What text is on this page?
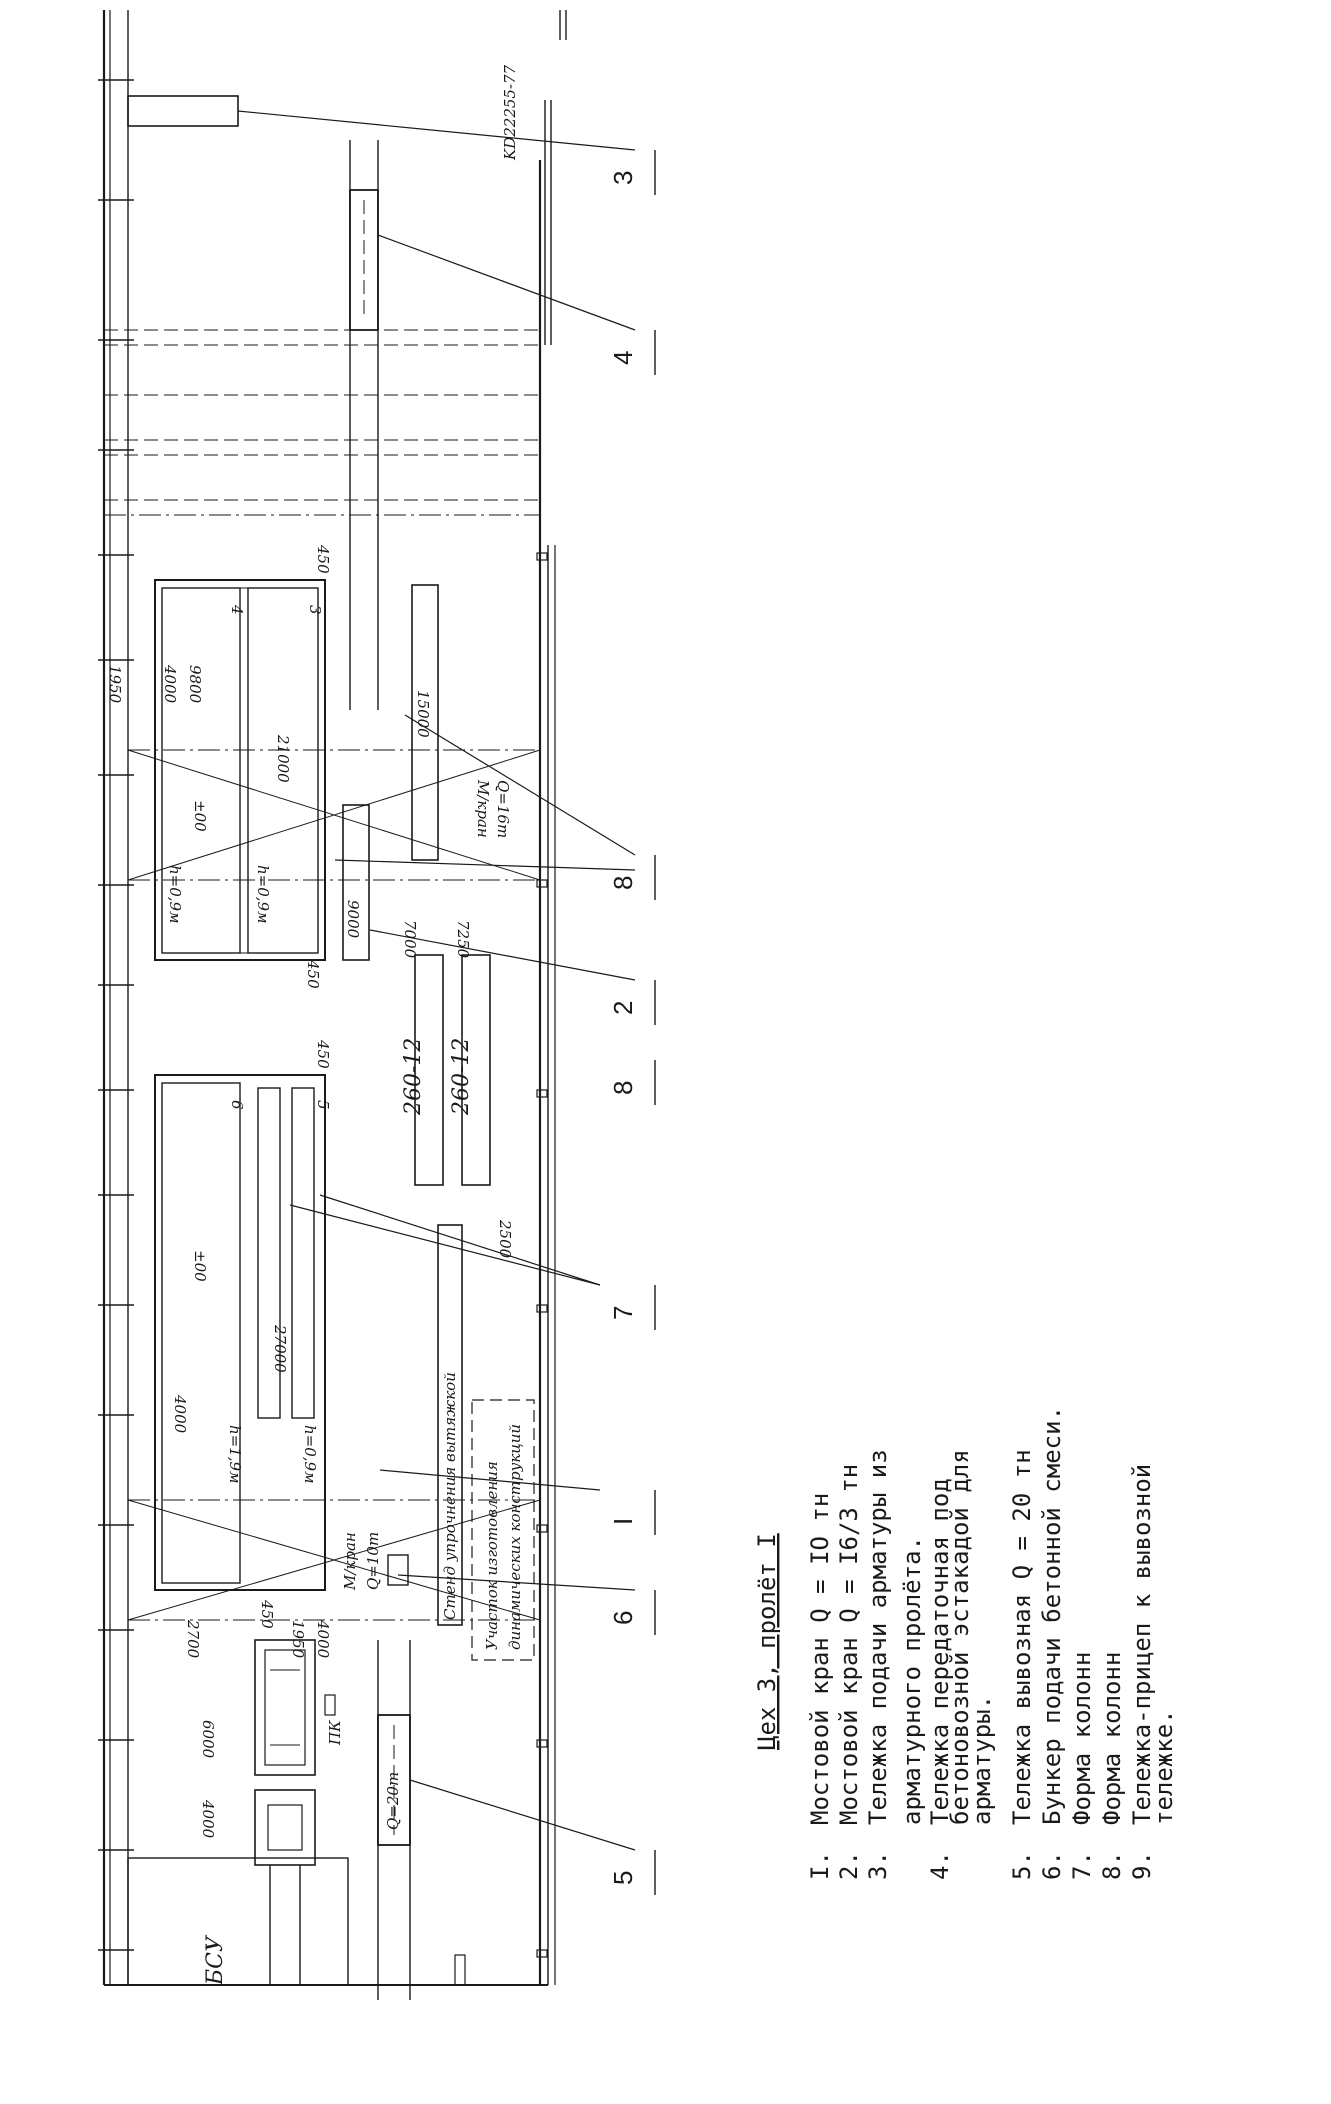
KD22255-77
4	3
4000 9800
1950
450
450
21000
±00
h=0,9м	h=0,9м
6	5
4000
450
450
27000
±00
h=1,9м	h=0,9м
15000
М/кран Q=16т
9000
7000 7250
260-12 260-12
2500
Стенд упрочнения вытяжкой Участок изготовления динамических конструкций
М/кран Q=10т
ПК
2700	4000
1950
6000
4000
БСУ
Q=20т
3
4
8
2
8
7
I
6
5
Цех 3, пролёт I
I.
Мостовой кран Q = IO тн
2.
Мостовой кран Q = I6/3 тн
3.
Тележка подачи арматуры из арматурного пролёта.
4.
Тележка передаточная под
бетоновозной эстакадой для
арматуры.
5.
Тележка вывозная Q = 20 тн
6.
Бункер подачи бетонной смеси.
7.
Форма колонн
8.
Форма колонн
9.
Тележка-прицеп к вывозной
тележке.
